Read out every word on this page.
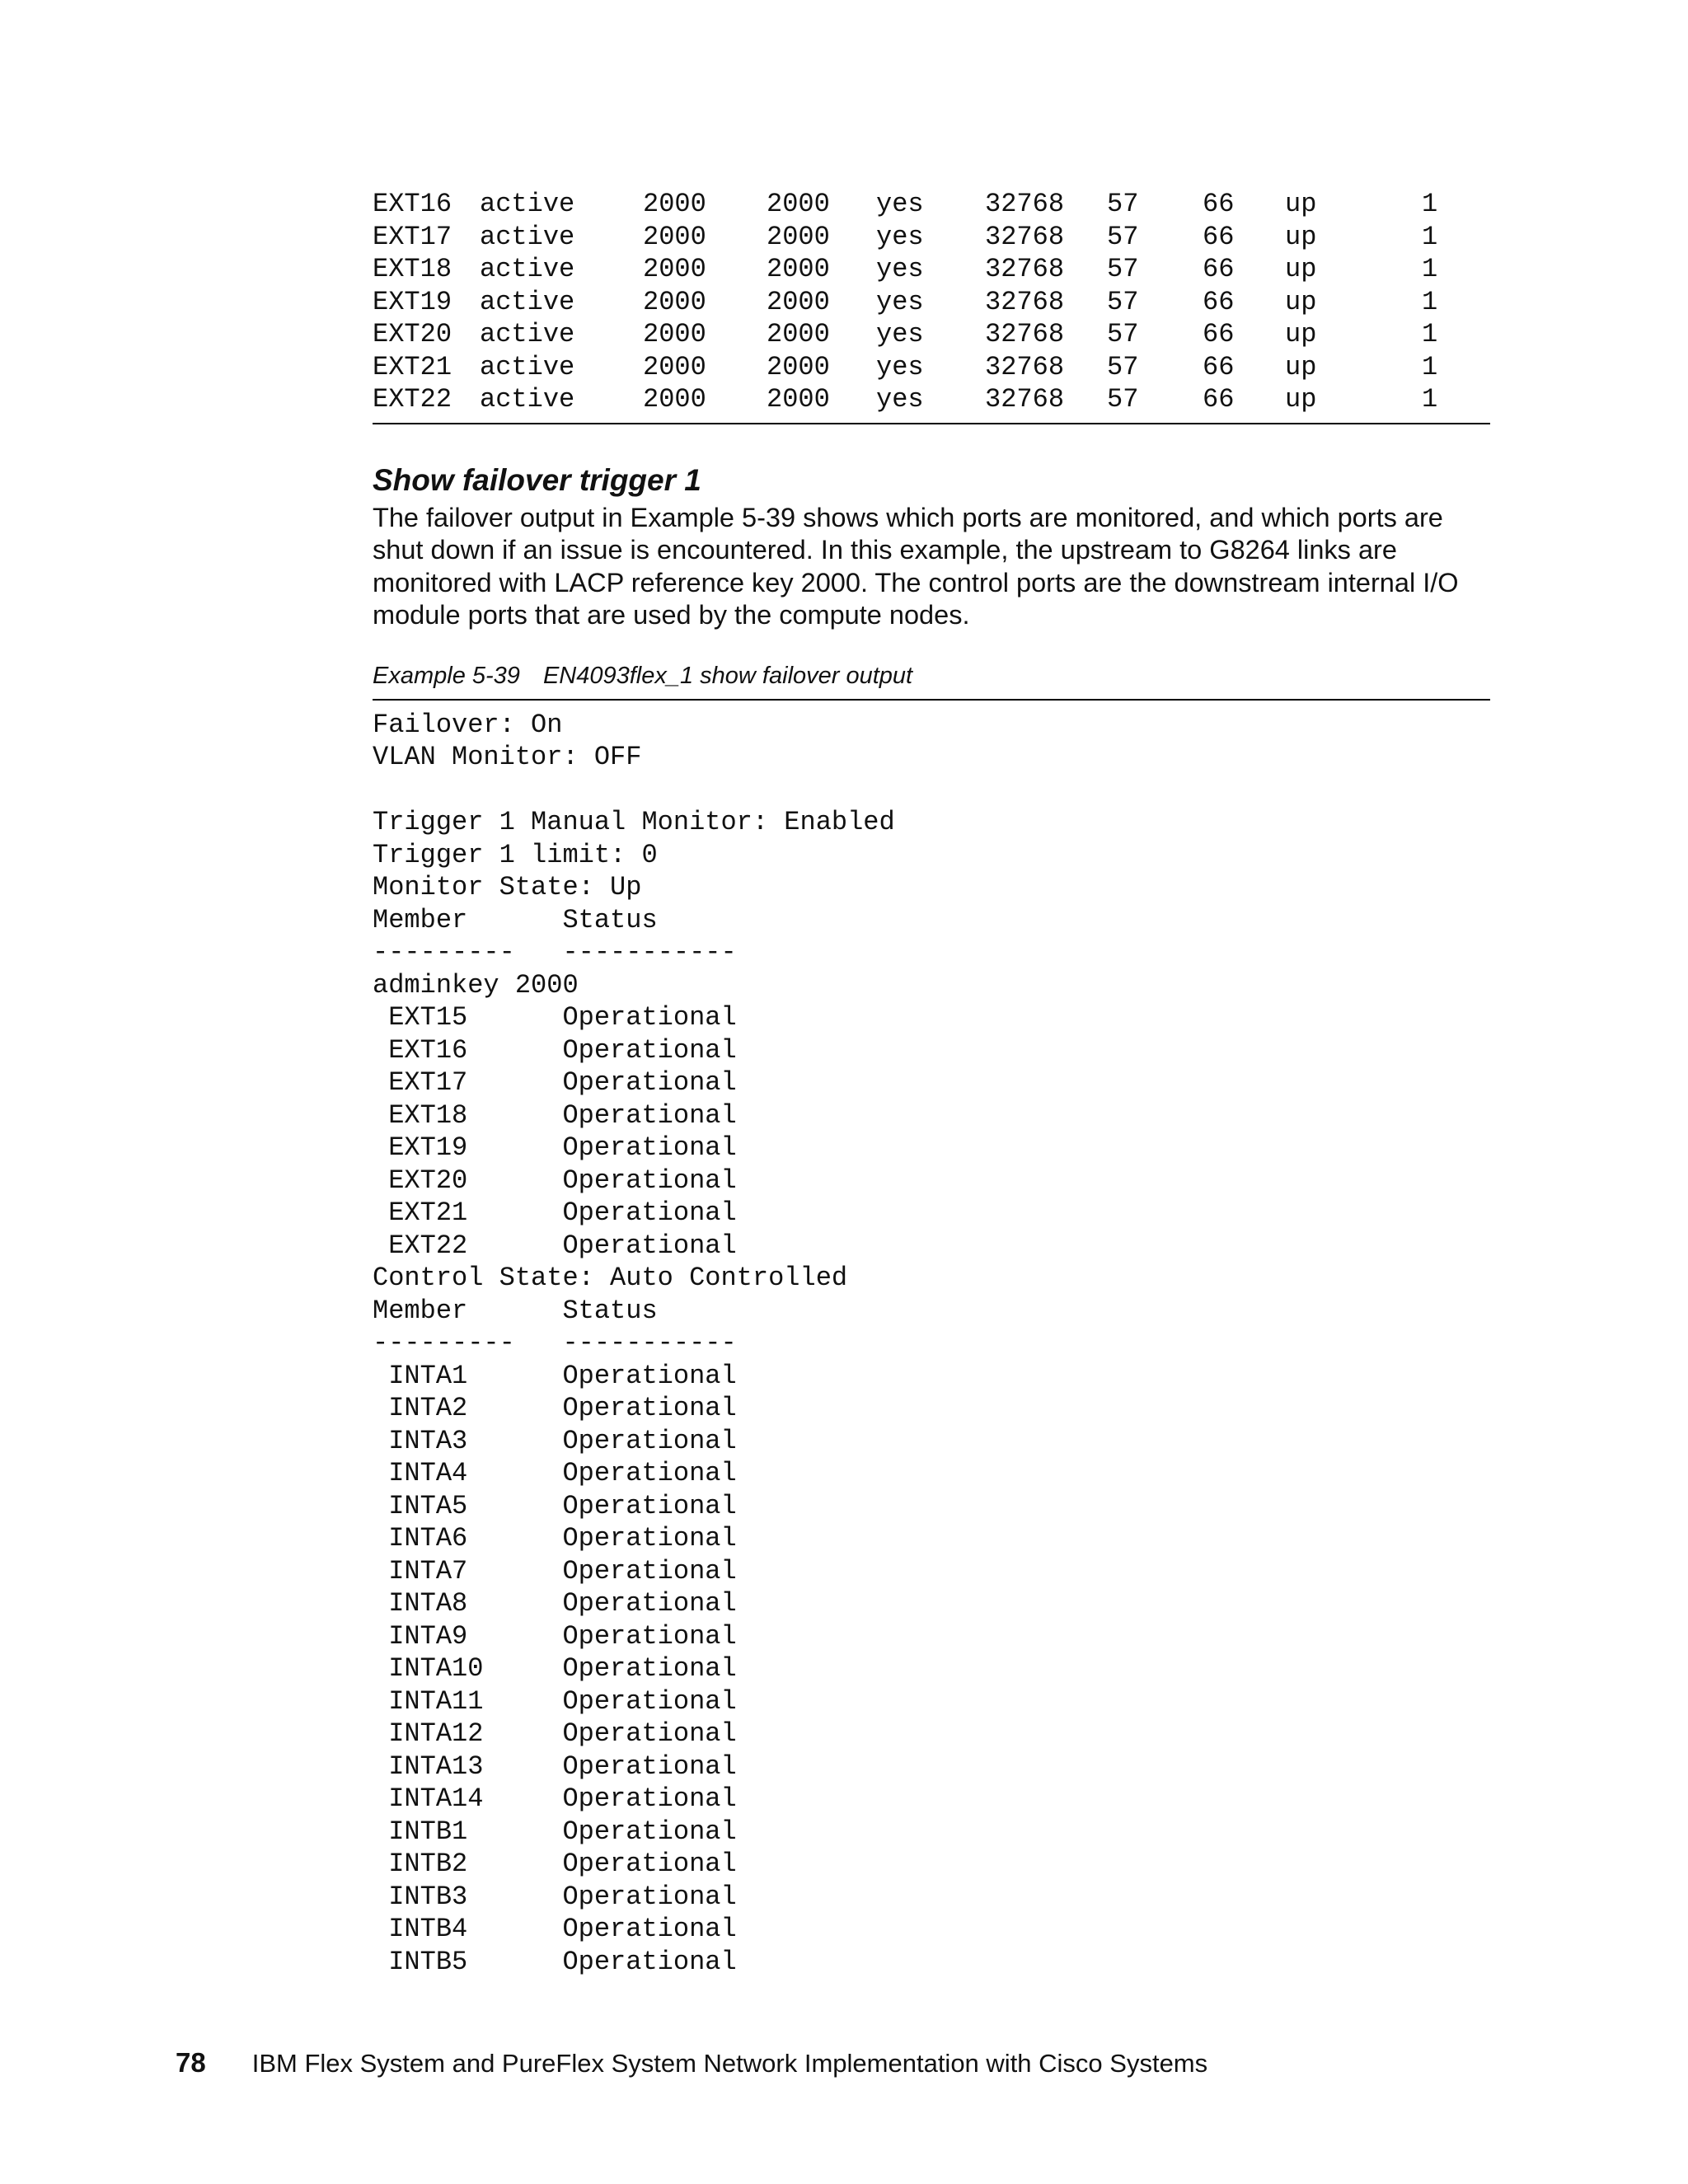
EXT16	active	2000	2000	yes	32768	57	66	up	1
EXT17	active	2000	2000	yes	32768	57	66	up	1
EXT18	active	2000	2000	yes	32768	57	66	up	1
EXT19	active	2000	2000	yes	32768	57	66	up	1
EXT20	active	2000	2000	yes	32768	57	66	up	1
EXT21	active	2000	2000	yes	32768	57	66	up	1
EXT22	active	2000	2000	yes	32768	57	66	up	1
Show failover trigger 1

The failover output in Example 5-39 shows which ports are monitored, and which ports are shut down if an issue is encountered. In this example, the upstream to G8264 links are monitored with LACP reference key 2000. The control ports are the downstream internal I/O module ports that are used by the compute nodes.

Example 5-39 EN4093flex_1 show failover output
Failover: On
VLAN Monitor: OFF
Trigger 1 Manual Monitor: Enabled
Trigger 1 limit: 0
Monitor State: Up
Member      Status
---------   -----------
adminkey 2000
EXT15      Operational
EXT16      Operational
EXT17      Operational
EXT18      Operational
EXT19      Operational
EXT20      Operational
EXT21      Operational
EXT22      Operational
Control State: Auto Controlled
Member      Status
---------   -----------
INTA1      Operational
INTA2      Operational
INTA3      Operational
INTA4      Operational
INTA5      Operational
INTA6      Operational
INTA7      Operational
INTA8      Operational
INTA9      Operational
INTA10     Operational
INTA11     Operational
INTA12     Operational
INTA13     Operational
INTA14     Operational
INTB1      Operational
INTB2      Operational
INTB3      Operational
INTB4      Operational
INTB5      Operational
78 IBM Flex System and PureFlex System Network Implementation with Cisco Systems
